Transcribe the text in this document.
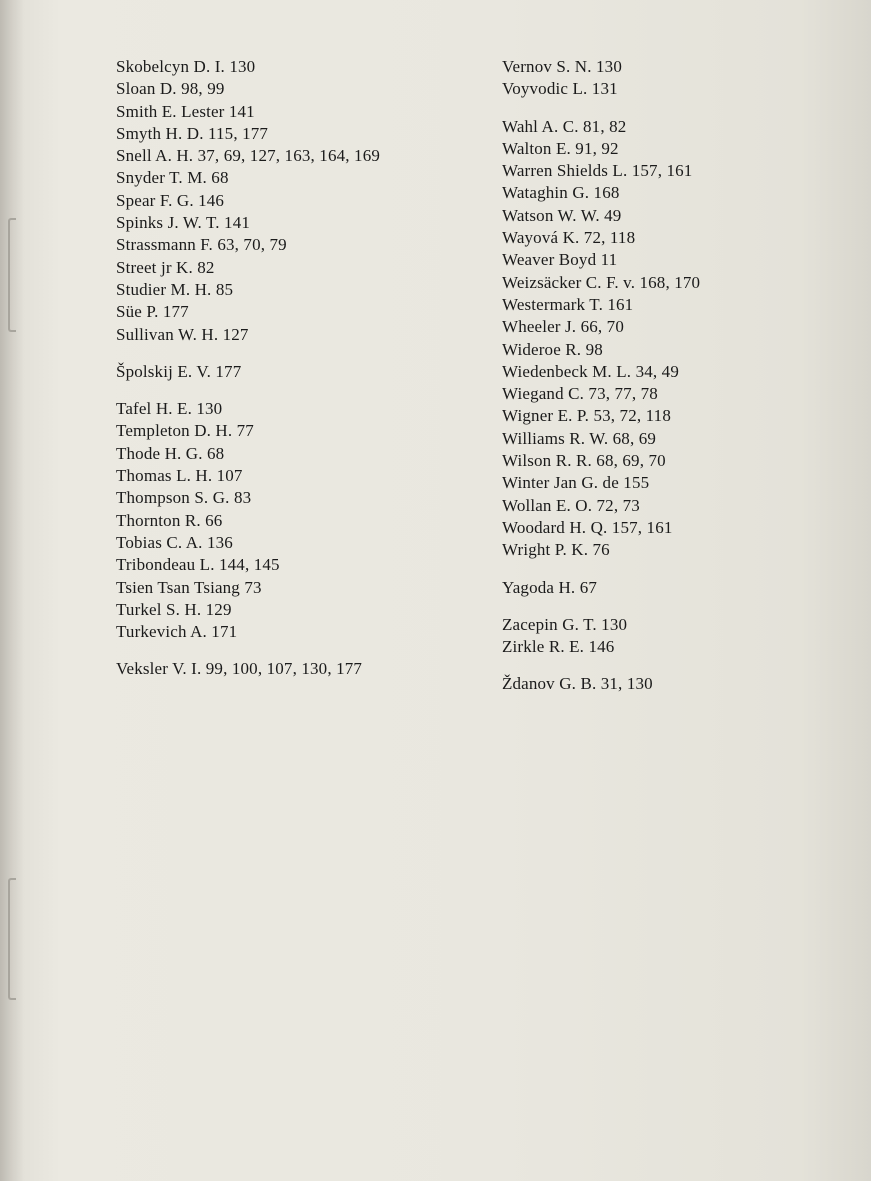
Skobelcyn D. I. 130
Sloan D. 98, 99
Smith E. Lester 141
Smyth H. D. 115, 177
Snell A. H. 37, 69, 127, 163, 164, 169
Snyder T. M. 68
Spear F. G. 146
Spinks J. W. T. 141
Strassmann F. 63, 70, 79
Street jr K. 82
Studier M. H. 85
Süe P. 177
Sullivan W. H. 127
Špolskij E. V. 177
Tafel H. E. 130
Templeton D. H. 77
Thode H. G. 68
Thomas L. H. 107
Thompson S. G. 83
Thornton R. 66
Tobias C. A. 136
Tribondeau L. 144, 145
Tsien Tsan Tsiang 73
Turkel S. H. 129
Turkevich A. 171
Veksler V. I. 99, 100, 107, 130, 177
Vernov S. N. 130
Voyvodic L. 131
Wahl A. C. 81, 82
Walton E. 91, 92
Warren Shields L. 157, 161
Wataghin G. 168
Watson W. W. 49
Wayová K. 72, 118
Weaver Boyd 11
Weizsäcker C. F. v. 168, 170
Westermark T. 161
Wheeler J. 66, 70
Wideroe R. 98
Wiedenbeck M. L. 34, 49
Wiegand C. 73, 77, 78
Wigner E. P. 53, 72, 118
Williams R. W. 68, 69
Wilson R. R. 68, 69, 70
Winter Jan G. de 155
Wollan E. O. 72, 73
Woodard H. Q. 157, 161
Wright P. K. 76
Yagoda H. 67
Zacepin G. T. 130
Zirkle R. E. 146
Ždanov G. B. 31, 130
